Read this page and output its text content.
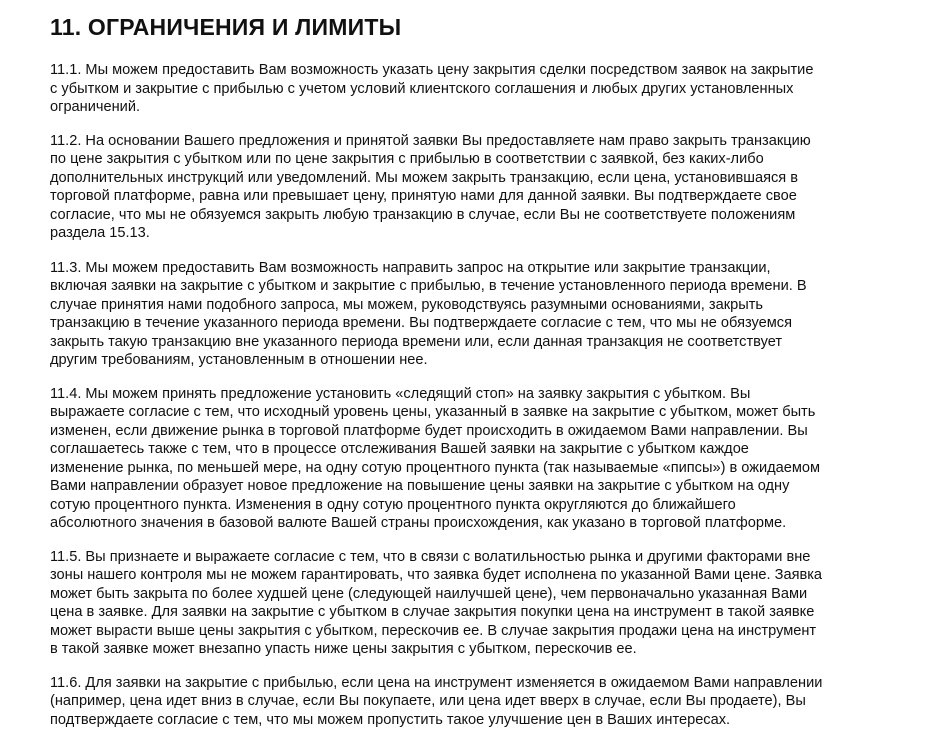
11. ОГРАНИЧЕНИЯ И ЛИМИТЫ

11.1. Мы можем предоставить Вам возможность указать цену закрытия сделки посредством заявок на закрытие
с убытком и закрытие с прибылью с учетом условий клиентского соглашения и любых других установленных
ограничений.

11.2. На основании Вашего предложения и принятой заявки Вы предоставляете нам право закрыть транзакцию
по цене закрытия с убытком или по цене закрытия с прибылью в соответствии с заявкой, без каких-либо
дополнительных инструкций или уведомлений. Мы можем закрыть транзакцию, если цена, установившаяся в
торговой платформе, равна или превышает цену, принятую нами для данной заявки. Вы подтверждаете свое
согласие, что мы не обязуемся закрыть любую транзакцию в случае, если Вы не соответствуете положениям
раздела 15.13.

11.3. Мы можем предоставить Вам возможность направить запрос на открытие или закрытие транзакции,
включая заявки на закрытие с убытком и закрытие с прибылью, в течение установленного периода времени. В
случае принятия нами подобного запроса, мы можем, руководствуясь разумными основаниями, закрыть
транзакцию в течение указанного периода времени. Вы подтверждаете согласие с тем, что мы не обязуемся
закрыть такую транзакцию вне указанного периода времени или, если данная транзакция не соответствует
другим требованиям, установленным в отношении нее.

11.4. Мы можем принять предложение установить «следящий стоп» на заявку закрытия с убытком. Вы
выражаете согласие с тем, что исходный уровень цены, указанный в заявке на закрытие с убытком, может быть
изменен, если движение рынка в торговой платформе будет происходить в ожидаемом Вами направлении. Вы
соглашаетесь также с тем, что в процессе отслеживания Вашей заявки на закрытие с убытком каждое
изменение рынка, по меньшей мере, на одну сотую процентного пункта (так называемые «пипсы») в ожидаемом
Вами направлении образует новое предложение на повышение цены заявки на закрытие с убытком на одну
сотую процентного пункта. Изменения в одну сотую процентного пункта округляются до ближайшего
абсолютного значения в базовой валюте Вашей страны происхождения, как указано в торговой платформе.

11.5. Вы признаете и выражаете согласие с тем, что в связи с волатильностью рынка и другими факторами вне
зоны нашего контроля мы не можем гарантировать, что заявка будет исполнена по указанной Вами цене. Заявка
может быть закрыта по более худшей цене (следующей наилучшей цене), чем первоначально указанная Вами
цена в заявке. Для заявки на закрытие с убытком в случае закрытия покупки цена на инструмент в такой заявке
может вырасти выше цены закрытия с убытком, перескочив ее. В случае закрытия продажи цена на инструмент
в такой заявке может внезапно упасть ниже цены закрытия с убытком, перескочив ее.

11.6. Для заявки на закрытие с прибылью, если цена на инструмент изменяется в ожидаемом Вами направлении
(например, цена идет вниз в случае, если Вы покупаете, или цена идет вверх в случае, если Вы продаете), Вы
подтверждаете согласие с тем, что мы можем пропустить такое улучшение цен в Ваших интересах.
